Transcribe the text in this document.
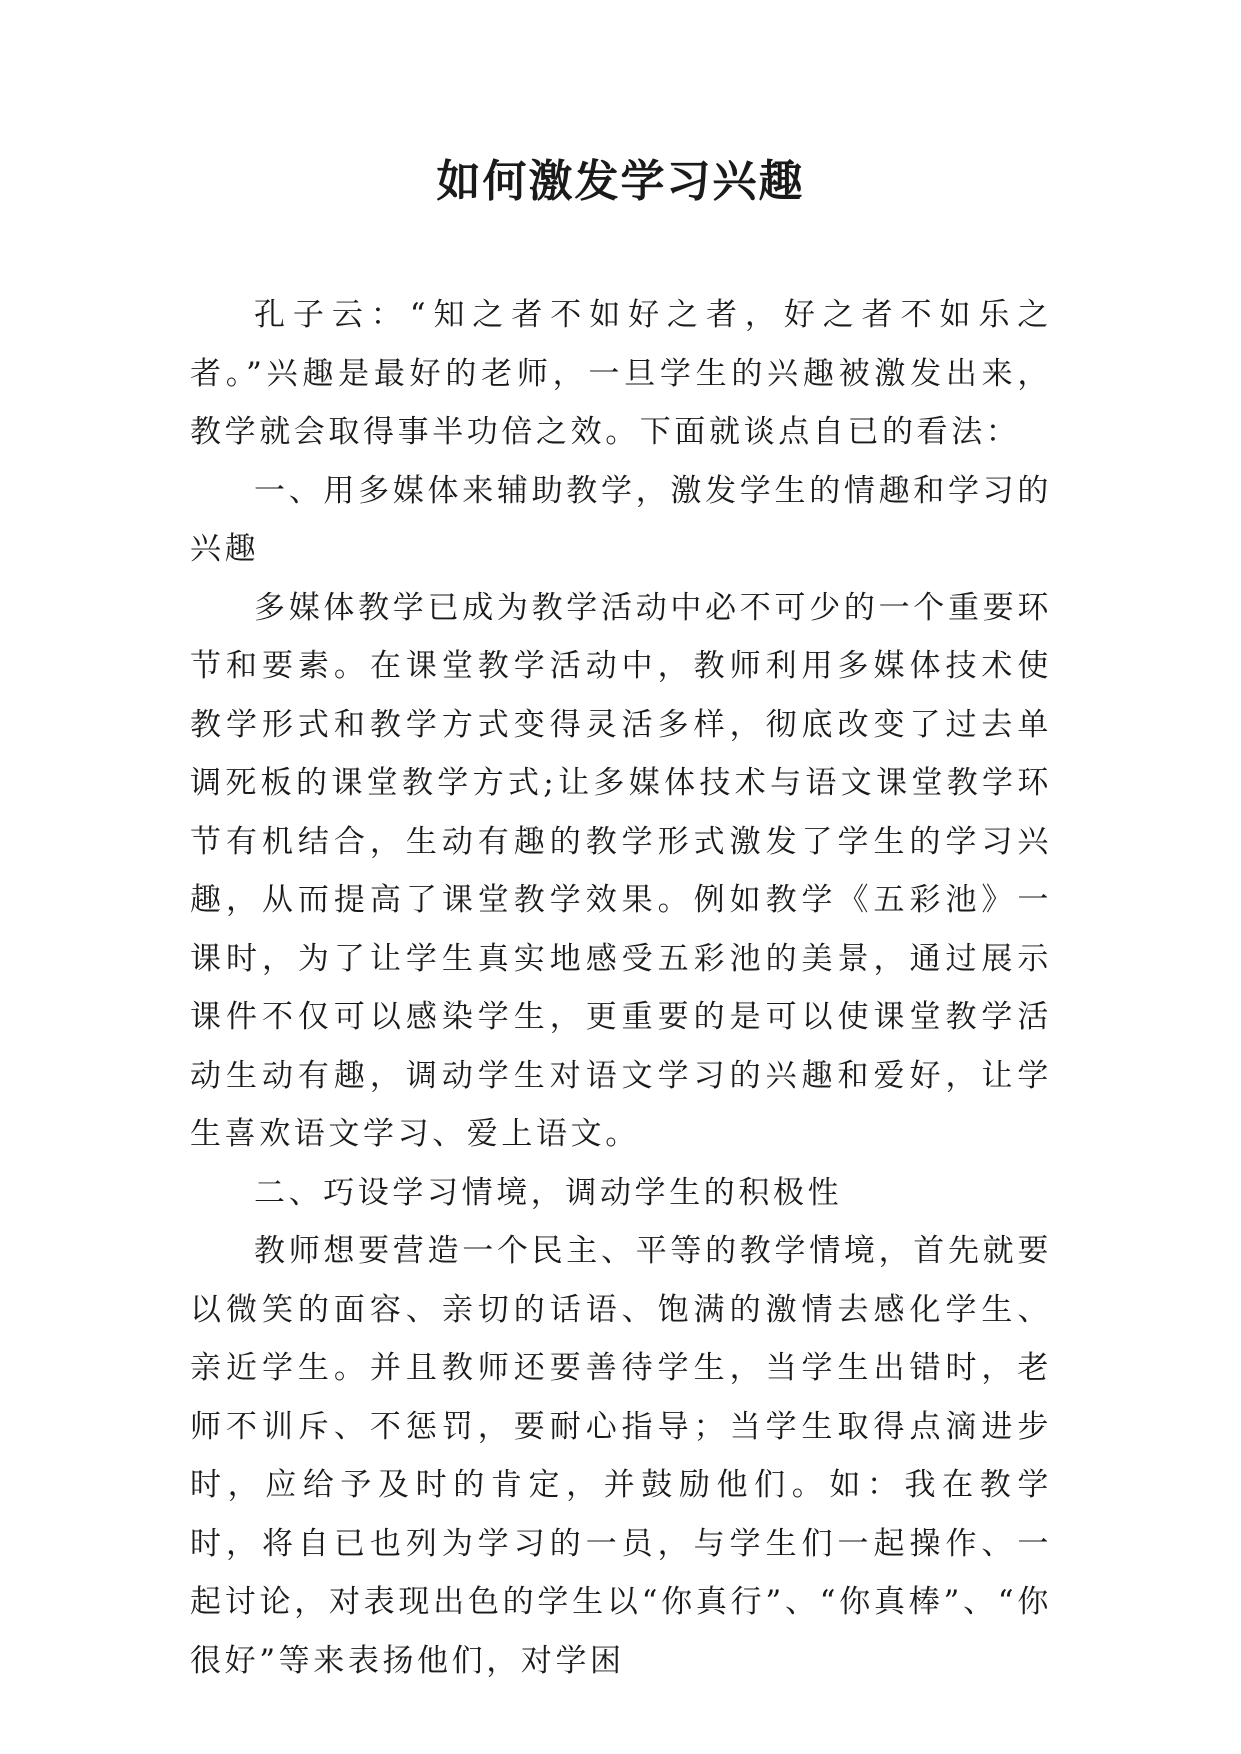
如何激发学习兴趣

孔子云：“知之者不如好之者，好之者不如乐之者。”兴趣是最好的老师，一旦学生的兴趣被激发出来，教学就会取得事半功倍之效。下面就谈点自已的看法：

一、用多媒体来辅助教学，激发学生的情趣和学习的兴趣

多媒体教学已成为教学活动中必不可少的一个重要环节和要素。在课堂教学活动中，教师利用多媒体技术使教学形式和教学方式变得灵活多样，彻底改变了过去单调死板的课堂教学方式;让多媒体技术与语文课堂教学环节有机结合，生动有趣的教学形式激发了学生的学习兴趣，从而提高了课堂教学效果。例如教学《五彩池》一课时，为了让学生真实地感受五彩池的美景，通过展示课件不仅可以感染学生，更重要的是可以使课堂教学活动生动有趣，调动学生对语文学习的兴趣和爱好，让学生喜欢语文学习、爱上语文。

二、巧设学习情境，调动学生的积极性

教师想要营造一个民主、平等的教学情境，首先就要以微笑的面容、亲切的话语、饱满的激情去感化学生、亲近学生。并且教师还要善待学生，当学生出错时，老师不训斥、不惩罚，要耐心指导；当学生取得点滴进步时，应给予及时的肯定，并鼓励他们。如：我在教学时，将自已也列为学习的一员，与学生们一起操作、一起讨论，对表现出色的学生以“你真行”、“你真棒”、“你很好”等来表扬他们，对学困
